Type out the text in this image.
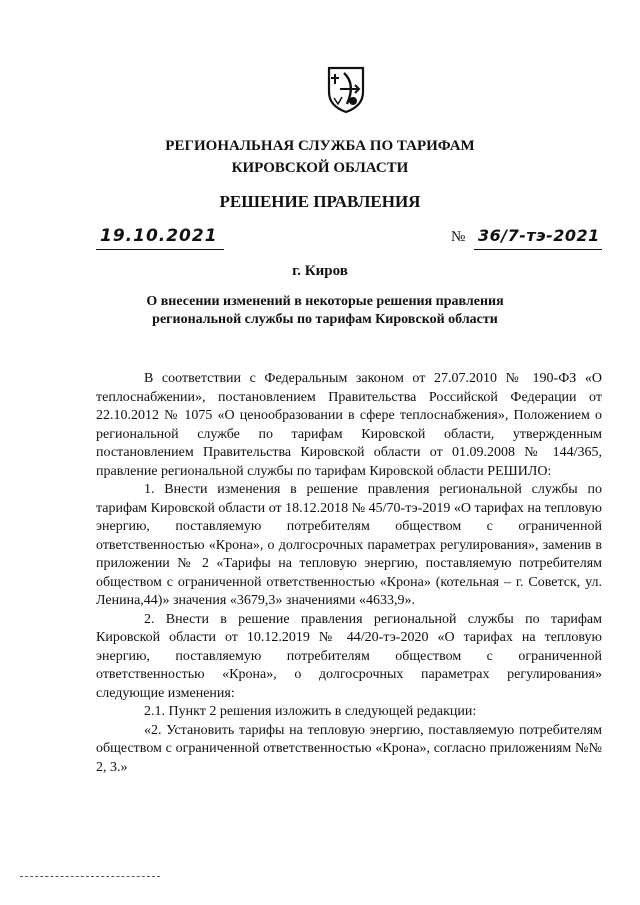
РЕГИОНАЛЬНАЯ СЛУЖБА ПО ТАРИФАМ
КИРОВСКОЙ ОБЛАСТИ
РЕШЕНИЕ ПРАВЛЕНИЯ
19.10.2021	№ 36/7-тэ-2021
г. Киров
О внесении изменений в некоторые решения правления региональной службы по тарифам Кировской области

В соответствии с Федеральным законом от 27.07.2010 № 190-ФЗ «О теплоснабжении», постановлением Правительства Российской Федерации от 22.10.2012 № 1075 «О ценообразовании в сфере теплоснабжения», Положением о региональной службе по тарифам Кировской области, утвержденным постановлением Правительства Кировской области от 01.09.2008 № 144/365, правление региональной службы по тарифам Кировской области РЕШИЛО:

1. Внести изменения в решение правления региональной службы по тарифам Кировской области от 18.12.2018 № 45/70-тэ-2019 «О тарифах на тепловую энергию, поставляемую потребителям обществом с ограниченной ответственностью «Крона», о долгосрочных параметрах регулирования», заменив в приложении № 2 «Тарифы на тепловую энергию, поставляемую потребителям обществом с ограниченной ответственностью «Крона» (котельная – г. Советск, ул. Ленина,44)» значения «3679,3» значениями «4633,9».

2. Внести в решение правления региональной службы по тарифам Кировской области от 10.12.2019 № 44/20-тэ-2020 «О тарифах на тепловую энергию, поставляемую потребителям обществом с ограниченной ответственностью «Крона», о долгосрочных параметрах регулирования» следующие изменения:

2.1. Пункт 2 решения изложить в следующей редакции:

«2. Установить тарифы на тепловую энергию, поставляемую потребителям обществом с ограниченной ответственностью «Крона», согласно приложениям №№ 2, 3.»
